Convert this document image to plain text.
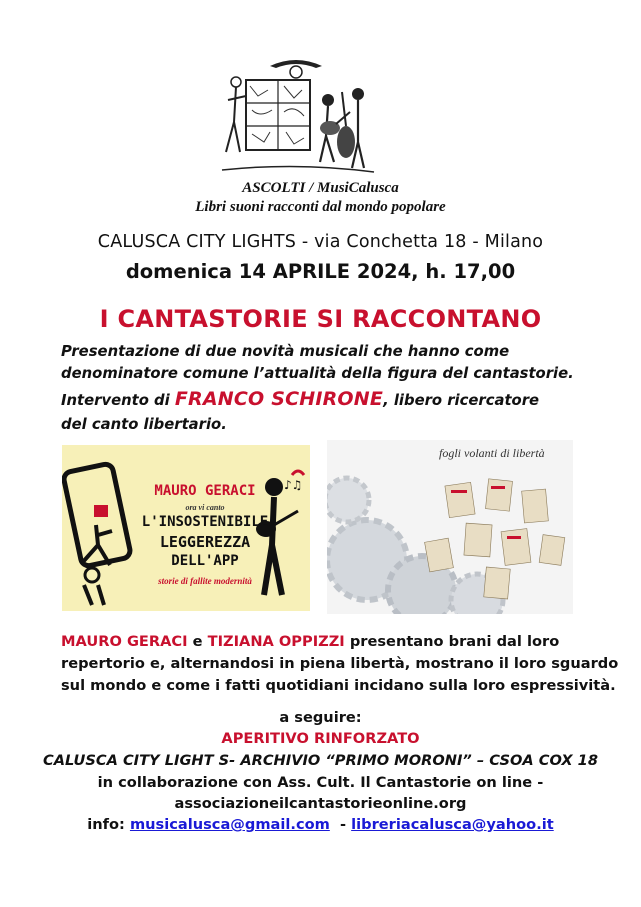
ASCOLTI / MusiCalusca
Libri suoni racconti dal mondo popolare
CALUSCA CITY LIGHTS - via Conchetta 18 - Milano
domenica 14 APRILE 2024, h. 17,00
I CANTASTORIE SI RACCONTANO
Presentazione di due novità musicali che hanno come
denominatore comune l’attualità della figura del cantastorie.
Intervento di FRANCO SCHIRONE, libero ricercatore
del canto libertario.
♪♫
MAURO GERACI
ora vi canto
L'INSOSTENIBILE
LEGGEREZZA
DELL'APP
storie di fallite modernità
fogli volanti di libertà
MAURO GERACI e TIZIANA OPPIZZI presentano brani dal loro
repertorio e, alternandosi in piena libertà, mostrano il loro sguardo
sul mondo e come i fatti quotidiani incidano sulla loro espressività.
a seguire:
APERITIVO RINFORZATO
CALUSCA CITY LIGHT S- ARCHIVIO “PRIMO MORONI” – CSOA COX 18
in collaborazione con Ass. Cult. Il Cantastorie on line -
associazioneilcantastorieonline.org
info: musicalusca@gmail.com  - libreriacalusca@yahoo.it
